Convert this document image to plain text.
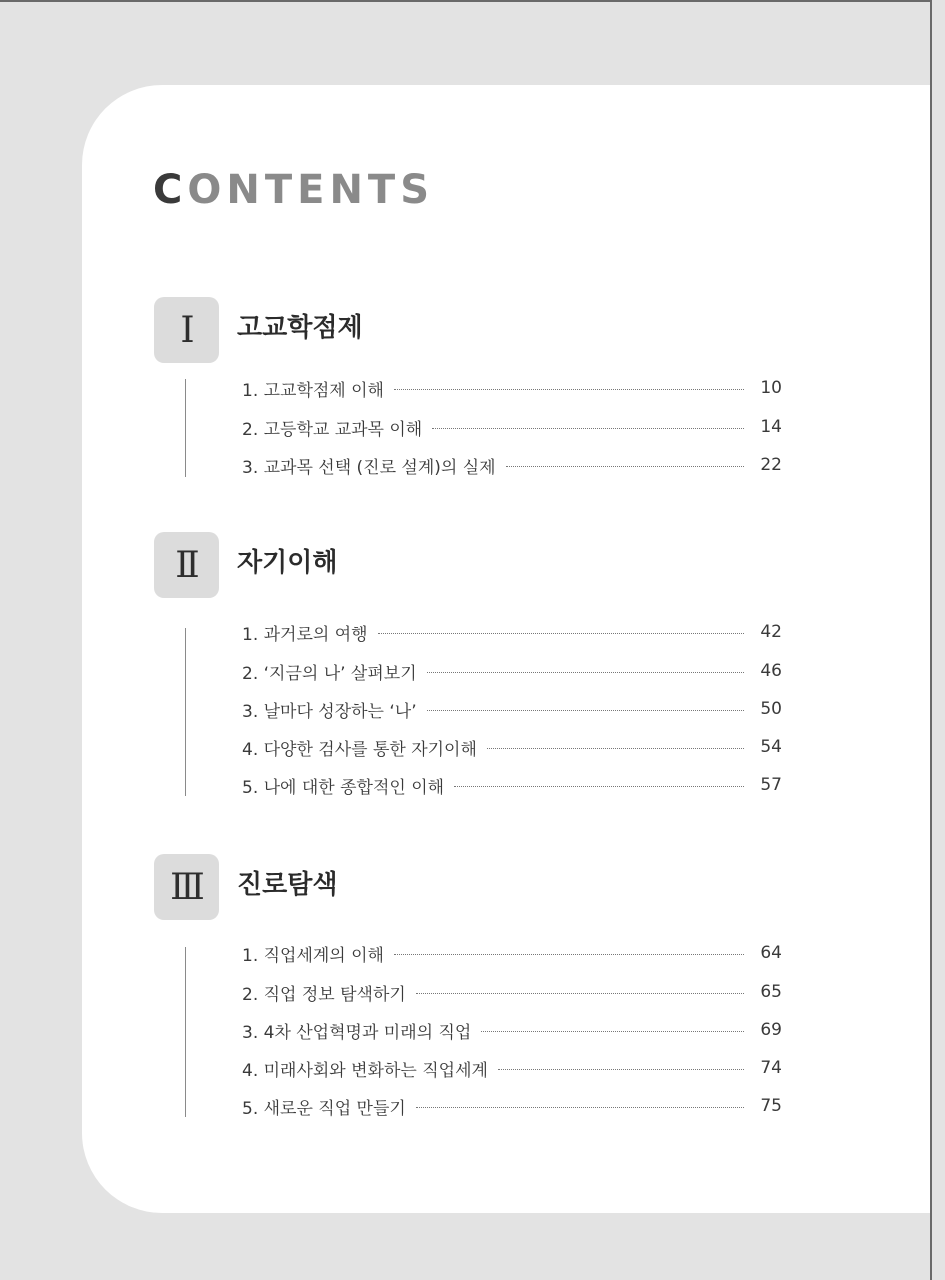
CONTENTS
Ⅰ 고교학점제
1. 고교학점제 이해	10
2. 고등학교 교과목 이해	14
3. 교과목 선택 (진로 설계)의 실제	22
Ⅱ 자기이해
1. 과거로의 여행	42
2. ‘지금의 나’ 살펴보기	46
3. 날마다 성장하는 ‘나’	50
4. 다양한 검사를 통한 자기이해	54
5. 나에 대한 종합적인 이해	57
Ⅲ 진로탐색
1. 직업세계의 이해	64
2. 직업 정보 탐색하기	65
3. 4차 산업혁명과 미래의 직업	69
4. 미래사회와 변화하는 직업세계	74
5. 새로운 직업 만들기	75
